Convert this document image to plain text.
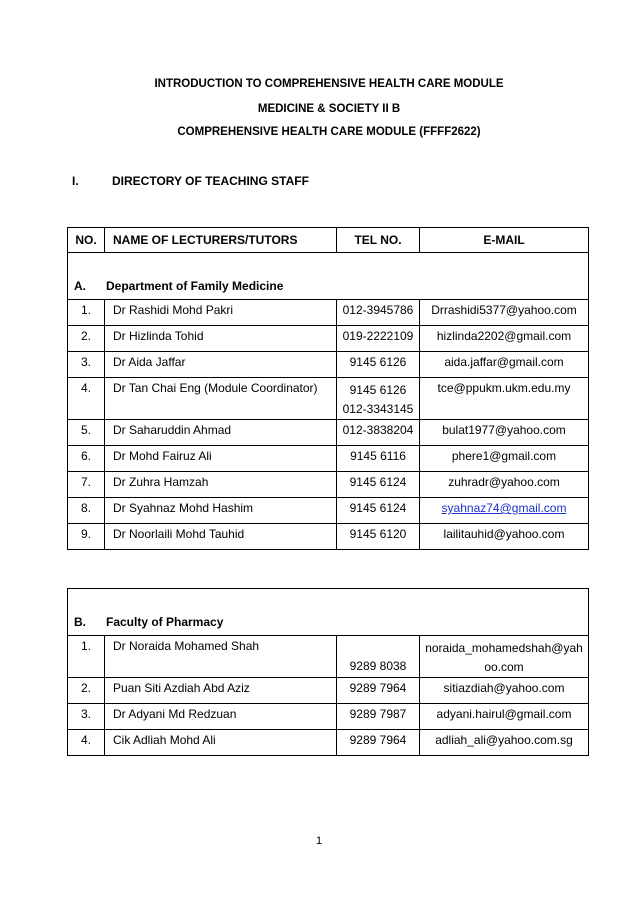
INTRODUCTION TO COMPREHENSIVE HEALTH CARE MODULE
MEDICINE & SOCIETY II B
COMPREHENSIVE HEALTH CARE MODULE (FFFF2622)
I.	DIRECTORY OF TEACHING STAFF
NO.	NAME OF LECTURERS/TUTORS	TEL NO.	E-MAIL

A. Department of Family Medicine			

1.	Dr Rashidi Mohd Pakri	012-3945786	Drrashidi5377@yahoo.com
2.	Dr Hizlinda Tohid	019-2222109	hizlinda2202@gmail.com
3.	Dr Aida Jaffar	9145 6126	aida.jaffar@gmail.com
4.	Dr Tan Chai Eng (Module Coordinator)	9145 6126
012-3343145	tce@ppukm.ukm.edu.my
5.	Dr Saharuddin Ahmad	012-3838204	bulat1977@yahoo.com
6.	Dr Mohd Fairuz Ali	9145 6116	phere1@gmail.com
7.	Dr Zuhra Hamzah	9145 6124	zuhradr@yahoo.com
8.	Dr Syahnaz Mohd Hashim	9145 6124	syahnaz74@gmail.com
9.	Dr Noorlaili Mohd Tauhid	9145 6120	lailitauhid@yahoo.com
B. Faculty of Pharmacy			

1.	Dr Noraida Mohamed Shah	9289 8038	noraida_mohamedshah@yah
oo.com

2.	Puan Siti Azdiah Abd Aziz	9289 7964	sitiazdiah@yahoo.com
3.	Dr Adyani Md Redzuan	9289 7987	adyani.hairul@gmail.com
4.	Cik Adliah Mohd Ali	9289 7964	adliah_ali@yahoo.com.sg
1
